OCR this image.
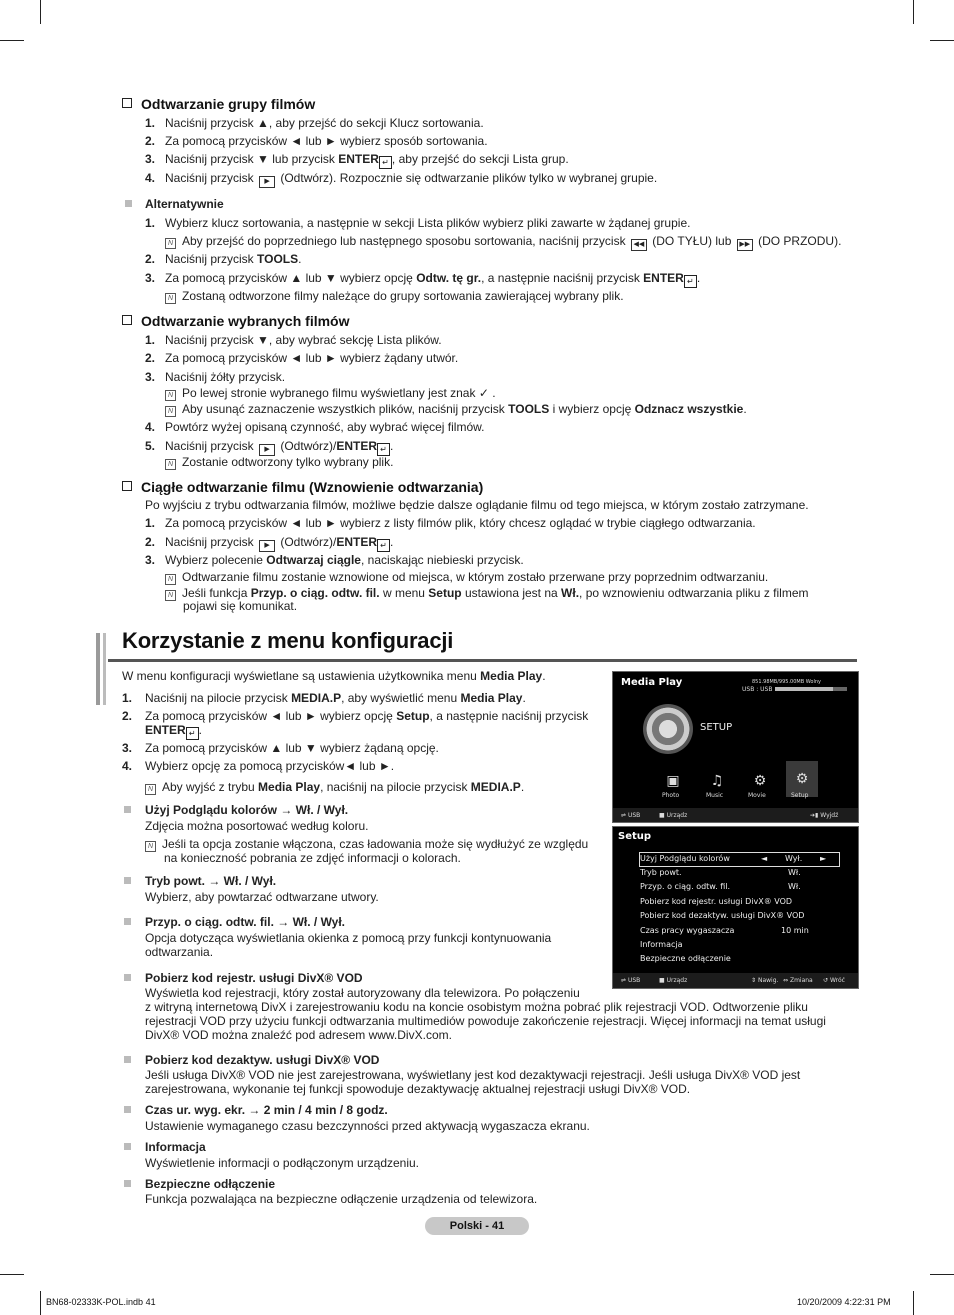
Odtwarzanie grupy filmów
1. Naciśnij przycisk ▲, aby przejść do sekcji Klucz sortowania.
2. Za pomocą przycisków ◄ lub ► wybierz sposób sortowania.
3. Naciśnij przycisk ▼ lub przycisk ENTER ↵ , aby przejść do sekcji Lista grup.
4. Naciśnij przycisk ▶ (Odtwórz). Rozpocznie się odtwarzanie plików tylko w wybranej grupie.
Alternatywnie
1. Wybierz klucz sortowania, a następnie w sekcji Lista plików wybierz pliki zawarte w żądanej grupie.
N Aby przejść do poprzedniego lub następnego sposobu sortowania, naciśnij przycisk ◀◀ (DO TYŁU) lub ▶▶ (DO PRZODU).
2. Naciśnij przycisk TOOLS.
3. Za pomocą przycisków ▲ lub ▼ wybierz opcję Odtw. tę gr., a następnie naciśnij przycisk ENTER ↵ .
N Zostaną odtworzone filmy należące do grupy sortowania zawierającej wybrany plik.
Odtwarzanie wybranych filmów
1. Naciśnij przycisk ▼, aby wybrać sekcję Lista plików.
2. Za pomocą przycisków ◄ lub ► wybierz żądany utwór.
3. Naciśnij żółty przycisk.
N Po lewej stronie wybranego filmu wyświetlany jest znak ✓ .
N Aby usunąć zaznaczenie wszystkich plików, naciśnij przycisk TOOLS i wybierz opcję Odznacz wszystkie.
4. Powtórz wyżej opisaną czynność, aby wybrać więcej filmów.
5. Naciśnij przycisk ▶ (Odtwórz)/ENTER ↵ .
N Zostanie odtworzony tylko wybrany plik.
Ciągłe odtwarzanie filmu (Wznowienie odtwarzania)
Po wyjściu z trybu odtwarzania filmów, możliwe będzie dalsze oglądanie filmu od tego miejsca, w którym zostało zatrzymane.
1. Za pomocą przycisków ◄ lub ► wybierz z listy filmów plik, który chcesz oglądać w trybie ciągłego odtwarzania.
2. Naciśnij przycisk ▶ (Odtwórz)/ENTER ↵ .
3. Wybierz polecenie Odtwarzaj ciągle, naciskając niebieski przycisk.
N Odtwarzanie filmu zostanie wznowione od miejsca, w którym zostało przerwane przy poprzednim odtwarzaniu.
N Jeśli funkcja Przyp. o ciąg. odtw. fil. w menu Setup ustawiona jest na Wł., po wznowieniu odtwarzania pliku z filmem
pojawi się komunikat.
Korzystanie z menu konfiguracji
W menu konfiguracji wyświetlane są ustawienia użytkownika menu Media Play.
1. Naciśnij na pilocie przycisk MEDIA.P, aby wyświetlić menu Media Play.
2. Za pomocą przycisków ◄ lub ► wybierz opcję Setup, a następnie naciśnij przycisk
ENTER ↵ .
3. Za pomocą przycisków ▲ lub ▼ wybierz żądaną opcję.
4. Wybierz opcję za pomocą przycisków◄ lub ►.
N Aby wyjść z trybu Media Play, naciśnij na pilocie przycisk MEDIA.P.
Użyj Podglądu kolorów → Wł. / Wył.
Zdjęcia można posortować według koloru.
N Jeśli ta opcja zostanie włączona, czas ładowania może się wydłużyć ze względu
na konieczność pobrania ze zdjęć informacji o kolorach.
Tryb powt. → Wł. / Wył.
Wybierz, aby powtarzać odtwarzane utwory.
Przyp. o ciąg. odtw. fil. → Wł. / Wył.
Opcja dotycząca wyświetlania okienka z pomocą przy funkcji kontynuowania
odtwarzania.
Pobierz kod rejestr. usługi DivX® VOD
Wyświetla kod rejestracji, który został autoryzowany dla telewizora. Po połączeniu
z witryną internetową DivX i zarejestrowaniu kodu na koncie osobistym można pobrać plik rejestracji VOD. Odtworzenie pliku
rejestracji VOD przy użyciu funkcji odtwarzania multimediów powoduje zakończenie rejestracji. Więcej informacji na temat usługi
DivX® VOD można znaleźć pod adresem www.DivX.com.
Pobierz kod dezaktyw. usługi DivX® VOD
Jeśli usługa DivX® VOD nie jest zarejestrowana, wyświetlany jest kod dezaktywacji rejestracji. Jeśli usługa DivX® VOD jest
zarejestrowana, wykonanie tej funkcji spowoduje dezaktywację aktualnej rejestracji usługi DivX® VOD.
Czas ur. wyg. ekr. → 2 min / 4 min / 8 godz.
Ustawienie wymaganego czasu bezczynności przed aktywacją wygaszacza ekranu.
Informacja
Wyświetlenie informacji o podłączonym urządzeniu.
Bezpieczne odłączenie
Funkcja pozwalająca na bezpieczne odłączenie urządzenia od telewizora.
Media Play	851.98MB/995.00MB Wolny
USB : USB
SETUP
▣
Photo
♫
Music
⚙
Movie
⚙
Setup
⇌ USB	■ Urządz	➔▮ Wyjdź
Setup
Użyj Podglądu kolorów	◄ Wył. ►
Tryb powt.	Wł.
Przyp. o ciąg. odtw. fil.	Wł.
Pobierz kod rejestr. usługi DivX® VOD
Pobierz kod dezaktyw. usługi DivX® VOD
Czas pracy wygaszacza	10 min
Informacja
Bezpieczne odłączenie
⇌ USB	■ Urządz	⇕ Nawig. ⇔ Zmiana ↺ Wróć
Polski - 41
BN68-02333K-POL.indb 41	10/20/2009 4:22:31 PM
